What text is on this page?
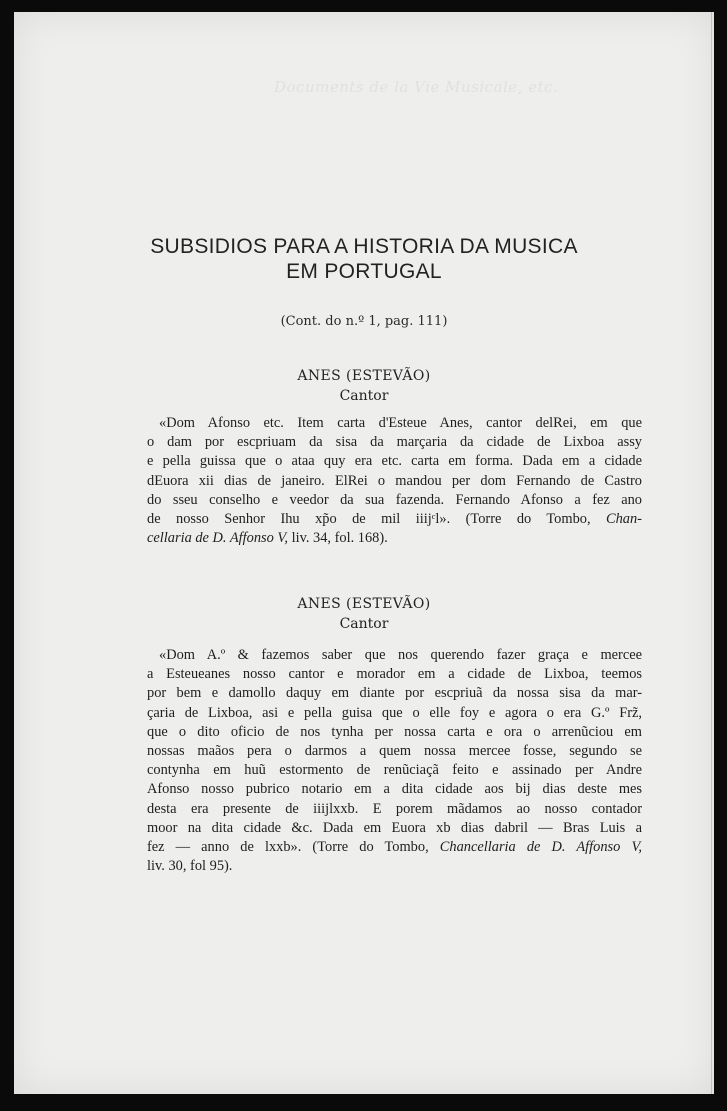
Documents de la Vie Musicale, etc.
SUBSIDIOS PARA A HISTORIA DA MUSICA
EM PORTUGAL
(Cont. do n.º 1, pag. 111)
ANES (ESTEVÃO)
Cantor
«Dom Afonso etc. Item carta d'Esteue Anes, cantor delRei, em que
o dam por escpriuam da sisa da marçaria da cidade de Lixboa assy
e pella guissa que o ataa quy era etc. carta em forma. Dada em a cidade
dEuora xii dias de janeiro. ElRei o mandou per dom Fernando de Castro
do sseu conselho e veedor da sua fazenda. Fernando Afonso a fez ano
de nosso Senhor Ihu xp̃o de mil iiijᶜl». (Torre do Tombo, Chan-
cellaria de D. Affonso V, liv. 34, fol. 168).
ANES (ESTEVÃO)
Cantor
«Dom A.º & fazemos saber que nos querendo fazer graça e mercee
a Esteueanes nosso cantor e morador em a cidade de Lixboa, teemos
por bem e damollo daquy em diante por escpriuã da nossa sisa da mar-
çaria de Lixboa, asi e pella guisa que o elle foy e agora o era G.º Frz̃,
que o dito oficio de nos tynha per nossa carta e ora o arrenũciou em
nossas maãos pera o darmos a quem nossa mercee fosse, segundo se
contynha em huũ estormento de renũciaçã feito e assinado per Andre
Afonso nosso pubrico notario em a dita cidade aos bij dias deste mes
desta era presente de iiijlxxb. E porem mãdamos ao nosso contador
moor na dita cidade &c. Dada em Euora xb dias dabril — Bras Luis a
fez — anno de lxxb». (Torre do Tombo, Chancellaria de D. Affonso V,
liv. 30, fol 95).
